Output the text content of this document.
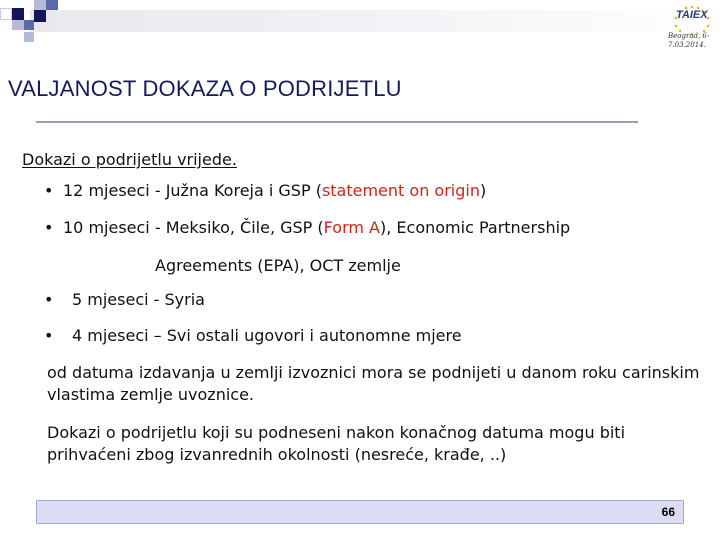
TAIEX
Beograd, 6-7.03.2014.
VALJANOST DOKAZA O PODRIJETLU
Dokazi o podrijetlu vrijede.
• 12 mjeseci - Južna Koreja i GSP (statement on origin)
• 10 mjeseci - Meksiko, Čile, GSP (Form A), Economic Partnership
Agreements (EPA), OCT zemlje
• 5 mjeseci - Syria
• 4 mjeseci – Svi ostali ugovori i autonomne mjere
od datuma izdavanja u zemlji izvoznici mora se podnijeti u danom roku carinskim vlastima zemlje uvoznice.
Dokazi o podrijetlu koji su podneseni nakon konačnog datuma mogu biti prihvaćeni zbog izvanrednih okolnosti (nesreće, krađe, ..)
66
